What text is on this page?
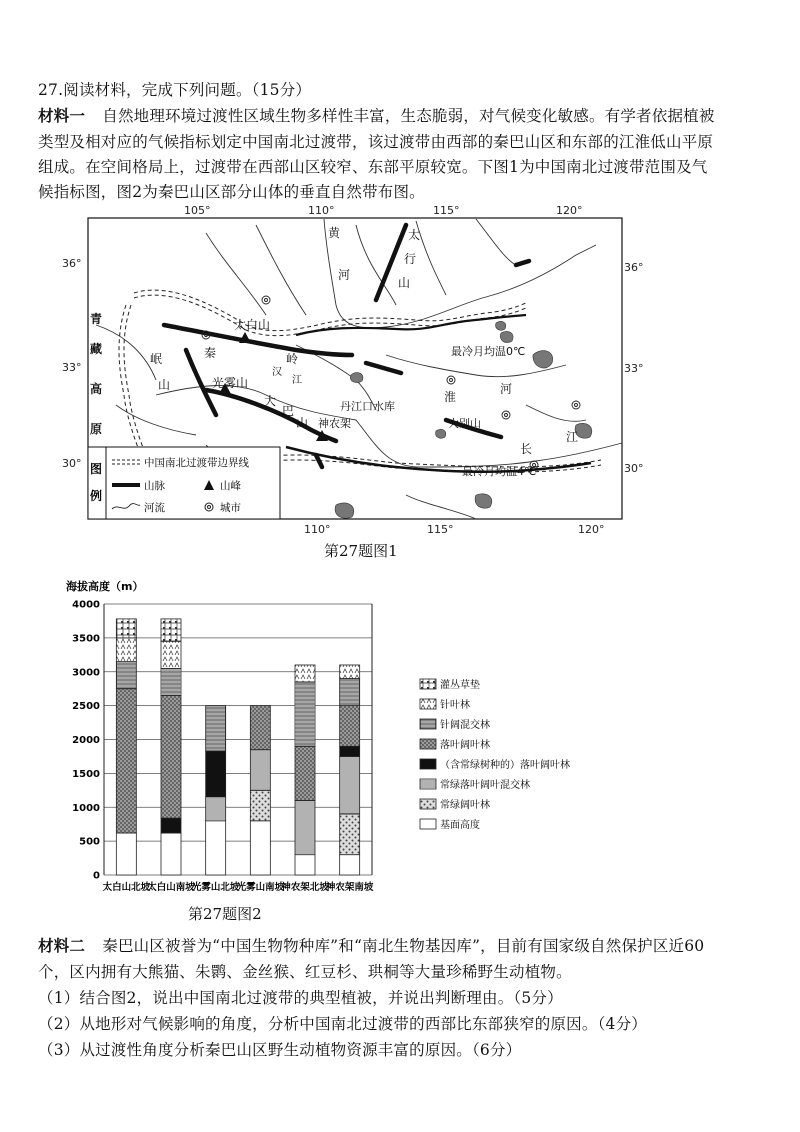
27.阅读材料，完成下列问题。（15分）
材料一 自然地理环境过渡性区域生物多样性丰富，生态脆弱，对气候变化敏感。有学者依据植被
类型及相对应的气候指标划定中国南北过渡带，该过渡带由西部的秦巴山区和东部的江淮低山平原
组成。在空间格局上，过渡带在西部山区较窄、东部平原较宽。下图1为中国南北过渡带范围及气
候指标图，图2为秦巴山区部分山体的垂直自然带布图。
105°	110°	115°	120°
110°	115°	120°
36°
33°
30°
36°
33°
30°
黄
河
太
行
山
太白山
秦	岭
汉
江
光雾山
大
巴
山
丹江口水库
神农架
岷
山
青
藏
高
原
最冷月均温0℃
最冷月均温4℃
淮
河
大别山
长
江
图
例
中国南北过渡带边界线
山脉	山峰
河流	城市
第27题图1
海拔高度（m）
0
500
1000
1500
2000
2500
3000
3500
4000
太白山北坡
太白山南坡
光雾山北坡
光雾山南坡
神农架北坡
神农架南坡
灌丛草垫
针叶林
针阔混交林
落叶阔叶林
（含常绿树种的）落叶阔叶林
常绿落叶阔叶混交林
常绿阔叶林
基面高度
第27题图2
材料二 秦巴山区被誉为“中国生物物种库”和“南北生物基因库”，目前有国家级自然保护区近60
个，区内拥有大熊猫、朱鹮、金丝猴、红豆杉、珙桐等大量珍稀野生动植物。
（1）结合图2，说出中国南北过渡带的典型植被，并说出判断理由。（5分）
（2）从地形对气候影响的角度，分析中国南北过渡带的西部比东部狭窄的原因。（4分）
（3）从过渡性角度分析秦巴山区野生动植物资源丰富的原因。（6分）
